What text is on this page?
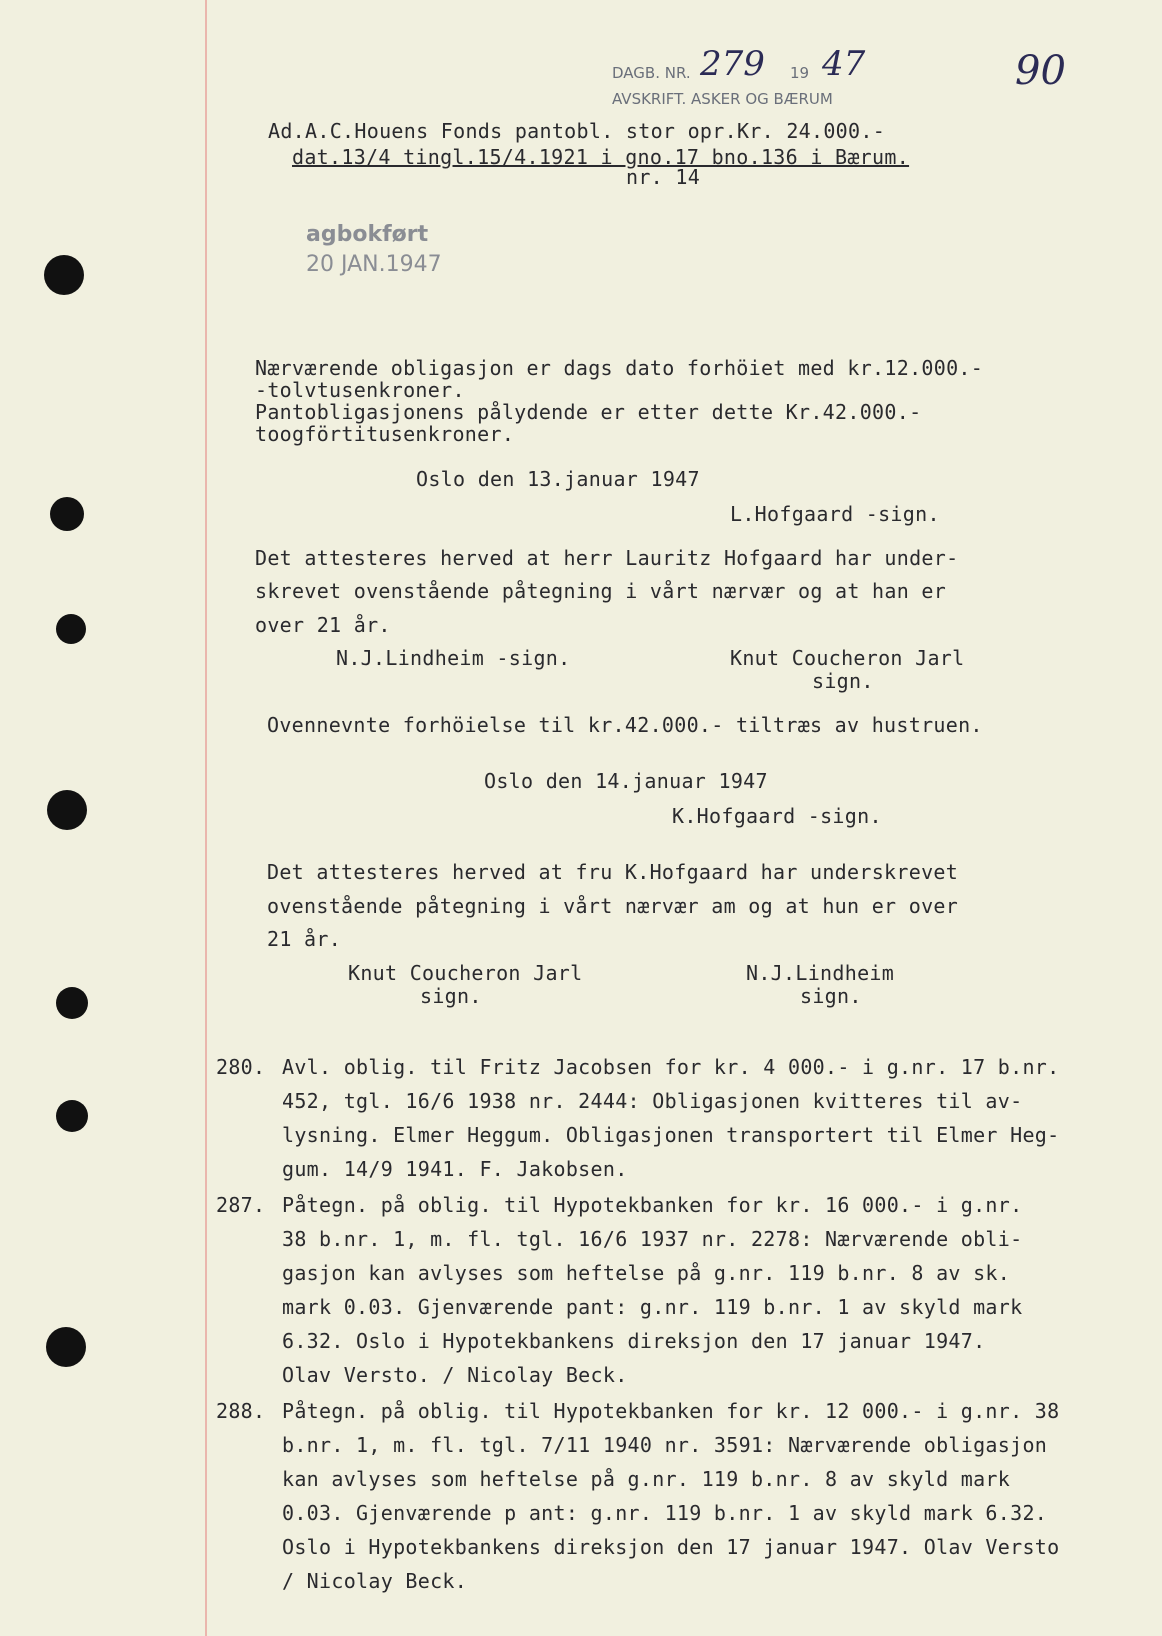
DAGB. NR. 279 19 47
AVSKRIFT. ASKER OG BÆRUM
90
Ad.A.C.Houens Fonds pantobl. stor opr.Kr. 24.000.-
dat.13/4 tingl.15/4.1921 i gno.17 bno.136 i Bærum.
nr. 14
agbokført
20 JAN.1947
Nærværende obligasjon er dags dato forhöiet med kr.12.000.-
-tolvtusenkroner.
Pantobligasjonens pålydende er etter dette Kr.42.000.-
toogförtitusenkroner.
Oslo den 13.januar 1947
L.Hofgaard -sign.
Det attesteres herved at herr Lauritz Hofgaard har under-
skrevet ovenstående påtegning i vårt nærvær og at han er
over 21 år.
N.J.Lindheim -sign.	Knut Coucheron Jarl
sign.
Ovennevnte forhöielse til kr.42.000.- tiltræs av hustruen.
Oslo den 14.januar 1947
K.Hofgaard -sign.
Det attesteres herved at fru K.Hofgaard har underskrevet
ovenstående påtegning i vårt nærvær am og at hun er over
21 år.
Knut Coucheron Jarl
sign.
N.J.Lindheim
sign.
280. Avl. oblig. til Fritz Jacobsen for kr. 4 000.- i g.nr. 17 b.nr.
452, tgl. 16/6 1938 nr. 2444: Obligasjonen kvitteres til av-
lysning. Elmer Heggum. Obligasjonen transportert til Elmer Heg-
gum. 14/9 1941. F. Jakobsen.
287. Påtegn. på oblig. til Hypotekbanken for kr. 16 000.- i g.nr.
38 b.nr. 1, m. fl. tgl. 16/6 1937 nr. 2278: Nærværende obli-
gasjon kan avlyses som heftelse på g.nr. 119 b.nr. 8 av sk.
mark 0.03. Gjenværende pant: g.nr. 119 b.nr. 1 av skyld mark
6.32. Oslo i Hypotekbankens direksjon den 17 januar 1947.
Olav Versto. / Nicolay Beck.
288. Påtegn. på oblig. til Hypotekbanken for kr. 12 000.- i g.nr. 38
b.nr. 1, m. fl. tgl. 7/11 1940 nr. 3591: Nærværende obligasjon
kan avlyses som heftelse på g.nr. 119 b.nr. 8 av skyld mark
0.03. Gjenværende p ant: g.nr. 119 b.nr. 1 av skyld mark 6.32.
Oslo i Hypotekbankens direksjon den 17 januar 1947. Olav Versto
/ Nicolay Beck.
